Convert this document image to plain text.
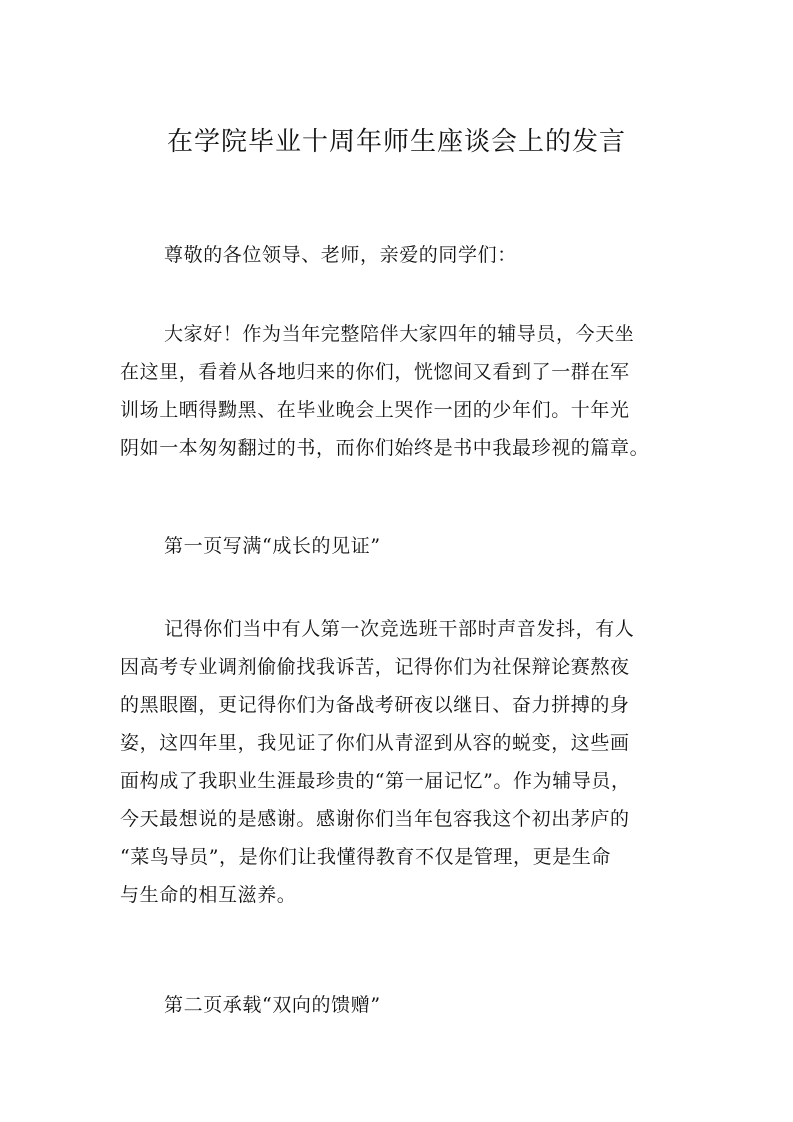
在学院毕业十周年师生座谈会上的发言
尊敬的各位领导、老师，亲爱的同学们：
大家好！作为当年完整陪伴大家四年的辅导员，今天坐
在这里，看着从各地归来的你们，恍惚间又看到了一群在军
训场上晒得黝黑、在毕业晚会上哭作一团的少年们。十年光
阴如一本匆匆翻过的书，而你们始终是书中我最珍视的篇章。
第一页写满“成长的见证”
记得你们当中有人第一次竞选班干部时声音发抖，有人
因高考专业调剂偷偷找我诉苦，记得你们为社保辩论赛熬夜
的黑眼圈，更记得你们为备战考研夜以继日、奋力拼搏的身
姿，这四年里，我见证了你们从青涩到从容的蜕变，这些画
面构成了我职业生涯最珍贵的“第一届记忆”。作为辅导员，
今天最想说的是感谢。感谢你们当年包容我这个初出茅庐的
“菜鸟导员”，是你们让我懂得教育不仅是管理，更是生命
与生命的相互滋养。
第二页承载“双向的馈赠”
